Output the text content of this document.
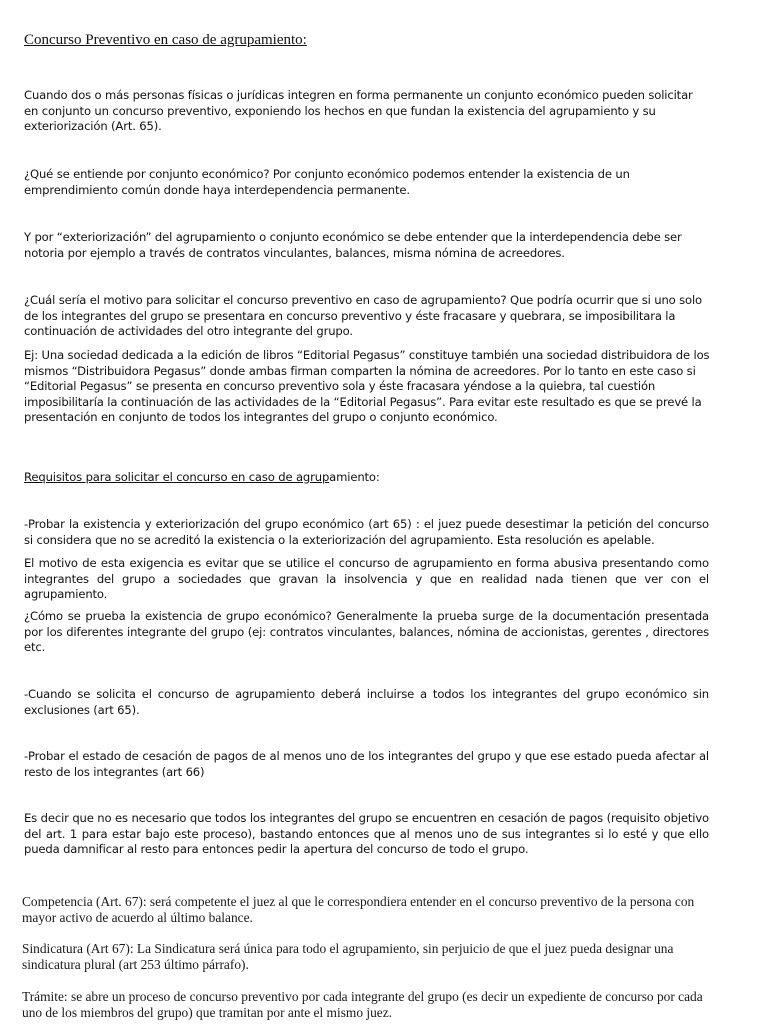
Concurso Preventivo en caso de agrupamiento:

Cuando dos o más personas físicas o jurídicas integren en forma permanente un conjunto económico pueden solicitar en conjunto un concurso preventivo, exponiendo los hechos en que fundan la existencia del agrupamiento y su exteriorización (Art. 65).

¿Qué se entiende por conjunto económico? Por conjunto económico podemos entender la existencia de un emprendimiento común donde haya interdependencia permanente.

Y por “exteriorización” del agrupamiento o conjunto económico se debe entender que la interdependencia debe ser notoria por ejemplo a través de contratos vinculantes, balances, misma nómina de acreedores.

¿Cuál sería el motivo para solicitar el concurso preventivo en caso de agrupamiento? Que podría ocurrir que si uno solo de los integrantes del grupo se presentara en concurso preventivo y éste fracasare y quebrara, se imposibilitara la continuación de actividades del otro integrante del grupo.

Ej: Una sociedad dedicada a la edición de libros “Editorial Pegasus” constituye también una sociedad distribuidora de los mismos “Distribuidora Pegasus” donde ambas firman comparten la nómina de acreedores. Por lo tanto en este caso si “Editorial Pegasus” se presenta en concurso preventivo sola y éste fracasara yéndose a la quiebra, tal cuestión imposibilitaría la continuación de las actividades de la “Editorial Pegasus”. Para evitar este resultado es que se prevé la presentación en conjunto de todos los integrantes del grupo o conjunto económico.

Requisitos para solicitar el concurso en caso de agrupamiento:

-Probar la existencia y exteriorización del grupo económico (art 65) : el juez puede desestimar la petición del concurso si considera que no se acreditó la existencia o la exteriorización del agrupamiento. Esta resolución es apelable.

El motivo de esta exigencia es evitar que se utilice el concurso de agrupamiento en forma abusiva presentando como integrantes del grupo a sociedades que gravan la insolvencia y que en realidad nada tienen que ver con el agrupamiento.

¿Cómo se prueba la existencia de grupo económico? Generalmente la prueba surge de la documentación presentada por los diferentes integrante del grupo (ej: contratos vinculantes, balances, nómina de accionistas, gerentes , directores etc.

-Cuando se solicita el concurso de agrupamiento deberá incluirse a todos los integrantes del grupo económico sin exclusiones (art 65).

-Probar el estado de cesación de pagos de al menos uno de los integrantes del grupo y que ese estado pueda afectar al resto de los integrantes (art 66)

Es decir que no es necesario que todos los integrantes del grupo se encuentren en cesación de pagos (requisito objetivo del art. 1 para estar bajo este proceso), bastando entonces que al menos uno de sus integrantes si lo esté y que ello pueda damnificar al resto para entonces pedir la apertura del concurso de todo el grupo.

Competencia (Art. 67): será competente el juez al que le correspondiera entender en el concurso preventivo de la persona con mayor activo de acuerdo al último balance.

Sindicatura (Art 67): La Sindicatura será única para todo el agrupamiento, sin perjuicio de que el juez pueda designar una sindicatura plural (art 253 último párrafo).

Trámite: se abre un proceso de concurso preventivo por cada integrante del grupo (es decir un expediente de concurso por cada uno de los miembros del grupo) que tramitan por ante el mismo juez.
